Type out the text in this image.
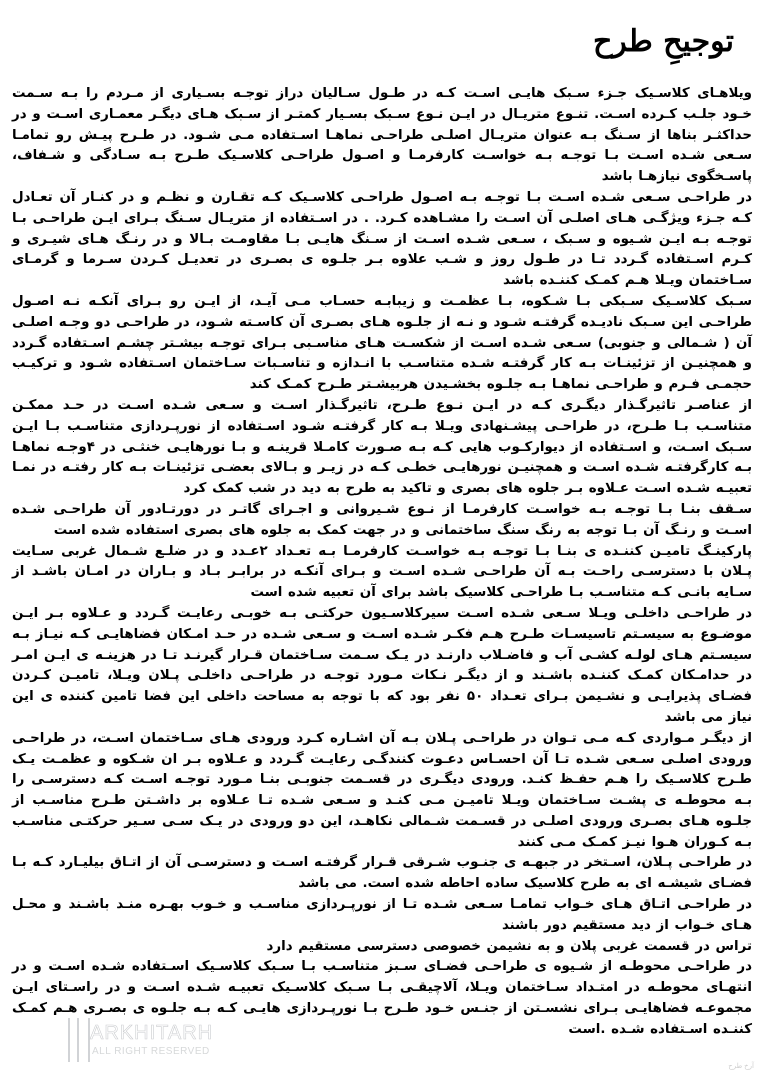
توجیحِ طرح

ویلاهـای کلاسـیک جـزء سـبک هایـی اسـت کـه در طـول سـالیان دراز توجـه بسـیاری از مـردم را بـه سـمت خـود جلـب کـرده اسـت. تنـوع متریـال در ایـن نـوع سـبک بسـیار کمتـر از سـبک هـای دیگـر معمـاری اسـت و در حداکثـر بناها از سـنگ بـه عنوان متریـال اصلـی طراحـی نماهـا اسـتفاده مـی شـود. در طـرح پیـش رو تمامـا سـعی شـده اسـت بـا توجـه بـه خواسـت کارفرمـا و اصـول طراحـی کلاسـیک طـرح بـه سـادگی و شـفاف، پاسـخگوی نیازهـا باشد

در طراحـی سـعی شـده اسـت بـا توجـه بـه اصـول طراحـی کلاسـیک کـه تقـارن و نظـم و در کنـار آن تعـادل کـه جـزء ویژگـی هـای اصلـی آن اسـت را مشـاهده کـرد. . در اسـتفاده از متریـال سـنگ بـرای ایـن طراحـی بـا توجـه بـه ایـن شـیوه و سـبک ، سـعی شـده اسـت از سـنگ هایـی بـا مقاومـت بـالا و در رنـگ هـای شیـری و کـرم اسـتفاده گـردد تـا در طـول روز و شـب علاوه بـر جلـوه ی بصـری در تعدیـل کـردن سـرما و گرمـای سـاختمان ویـلا هـم کمـک کننـده باشد

سـبک کلاسـیک سـبکی بـا شـکوه، بـا عظمـت و زیبابـه حسـاب مـی آیـد، از ایـن رو بـرای آنکـه نـه اصـول طراحـی این سـبک نادیـده گرفتـه شـود و نـه از جلـوه هـای بصـری آن کاسـته شـود، در طراحـی دو وجـه اصلـی آن ( شـمالی و جنوبی) سـعی شـده اسـت از شکسـت هـای مناسـبی بـرای توجـه بیشـتر چشـم اسـتفاده گـردد و همچنیـن از تزئینـات بـه کار گرفتـه شـده متناسـب با انـدازه و تناسـبات سـاختمان اسـتفاده شـود و ترکیـب حجمـی فـرم و طراحـی نماهـا بـه جلـوه بخشـیدن هربیشـتر طـرح کمـک کند

از عناصـر تاثیرگـذار دیگـری کـه در ایـن نـوع طـرح، تاثیرگـذار اسـت و سـعی شـده اسـت در حـد ممکـن متناسـب بـا طـرح، در طراحـی پیشـنهادی ویـلا بـه کار گرفتـه شـود اسـتفاده از نورپـردازی متناسـب بـا ایـن سـبک اسـت، و اسـتفاده از دیوارکـوب هایی کـه بـه صـورت کامـلا قرینـه و بـا نورهایـی خنثـی در ۴وجـه نماهـا بـه کارگرفتـه شـده اسـت و همچنیـن نورهایـی خطـی کـه در زیـر و بـالای بعضـی تزئینـات بـه کار رفتـه در نمـا تعبیـه شـده اسـت عـلاوه بـر جلوه های بصری و تاکید به طرح به دید در شب کمک کرد

سـقف بنـا بـا توجـه بـه خواسـت کارفرمـا از نـوع شـیروانی و اجـرای گاتـر در دورتـادور آن طراحـی شـده اسـت و رنـگ آن بـا توجه به رنگ سنگ ساختمانی و در جهت کمک به جلوه های بصری استفاده شده است

پارکینـگ تامیـن کننـده ی بنـا بـا توجـه بـه خواسـت کارفرمـا بـه تعـداد ۲عـدد و در ضلـع شـمال غربی سـایت پـلان با دسترسـی راحـت بـه آن طراحـی شـده اسـت و بـرای آنکـه در برابـر بـاد و بـاران در امـان باشـد از سـایه بانـی کـه متناسـب بـا طراحـی کلاسیک باشد برای آن تعبیه شده است

در طراحـی داخلـی ویـلا سـعی شـده اسـت سیرکلاسـیون حرکتـی بـه خوبـی رعایـت گـردد و عـلاوه بـر ایـن موضـوع به سیسـتم تاسیسـات طـرح هـم فکـر شـده اسـت و سـعی شـده در حـد امـکان فضاهایـی کـه نیـاز بـه سیسـتم هـای لولـه کشـی آب و فاضـلاب دارنـد در یـک سـمت سـاختمان قـرار گیرنـد تـا در هزینـه ی ایـن امـر در حدامـکان کمـک کننـده باشـند و از دیگـر نـکات مـورد توجـه در طراحـی داخلـی پـلان ویـلا، تامیـن کـردن فضـای پذیرایـی و نشـیمن بـرای تعـداد ۵۰ نفر بود که با توجه به مساحت داخلی این فضا تامین کننده ی این نیاز می باشد

از دیگـر مـواردی کـه مـی تـوان در طراحـی پـلان بـه آن اشـاره کـرد ورودی هـای سـاختمان اسـت، در طراحـی ورودی اصلـی سـعی شـده تـا آن احسـاس دعـوت کنندگـی رعایـت گـردد و عـلاوه بـر ان شـکوه و عظمـت یـک طـرح کلاسـیک را هـم حفـظ کنـد. ورودی دیگـری در قسـمت جنوبـی بنـا مـورد توجـه اسـت کـه دسترسـی را بـه محوطـه ی پشـت سـاختمان ویـلا تامیـن مـی کنـد و سـعی شـده تـا عـلاوه بر داشـتن طـرح مناسـب از جلـوه هـای بصـری ورودی اصلـی در قسـمت شـمالی نکاهـد، این دو ورودی در یـک سـی سـیر حرکتـی مناسـب بـه کـوران هـوا نیـز کمـک مـی کنند

در طراحـی پـلان، اسـتخر در جبهـه ی جنـوب شـرقی قـرار گرفتـه اسـت و دسترسـی آن از اتـاق بیلیـارد کـه بـا فضـای شیشـه ای به طرح کلاسیک ساده احاطه شده است. می باشد

در طراحـی اتـاق هـای خـواب تمامـا سـعی شـده تـا از نورپـردازی مناسـب و خـوب بهـره منـد باشـند و محـل هـای خـواب از دید مستقیم دور باشند

تراس در قسمت غربی پلان و به نشیمن خصوصی دسترسی مستقیم دارد

در طراحـی محوطـه از شـیوه ی طراحـی فضـای سـبز متناسـب بـا سـبک کلاسـیک اسـتفاده شـده اسـت و در انتهـای محوطـه در امتـداد سـاختمان ویـلا، آلاچیقـی بـا سـبک کلاسـیک تعبیـه شـده اسـت و در راسـتای ایـن مجموعـه فضاهایـی بـرای نشسـتن از جنـس خـود طـرح بـا نورپـردازی هایـی کـه بـه جلـوه ی بصـری هـم کمـک کننـده اسـتفاده شـده .است

ARKHITARH
ALL RIGHT RESERVED
آرخ طرح
